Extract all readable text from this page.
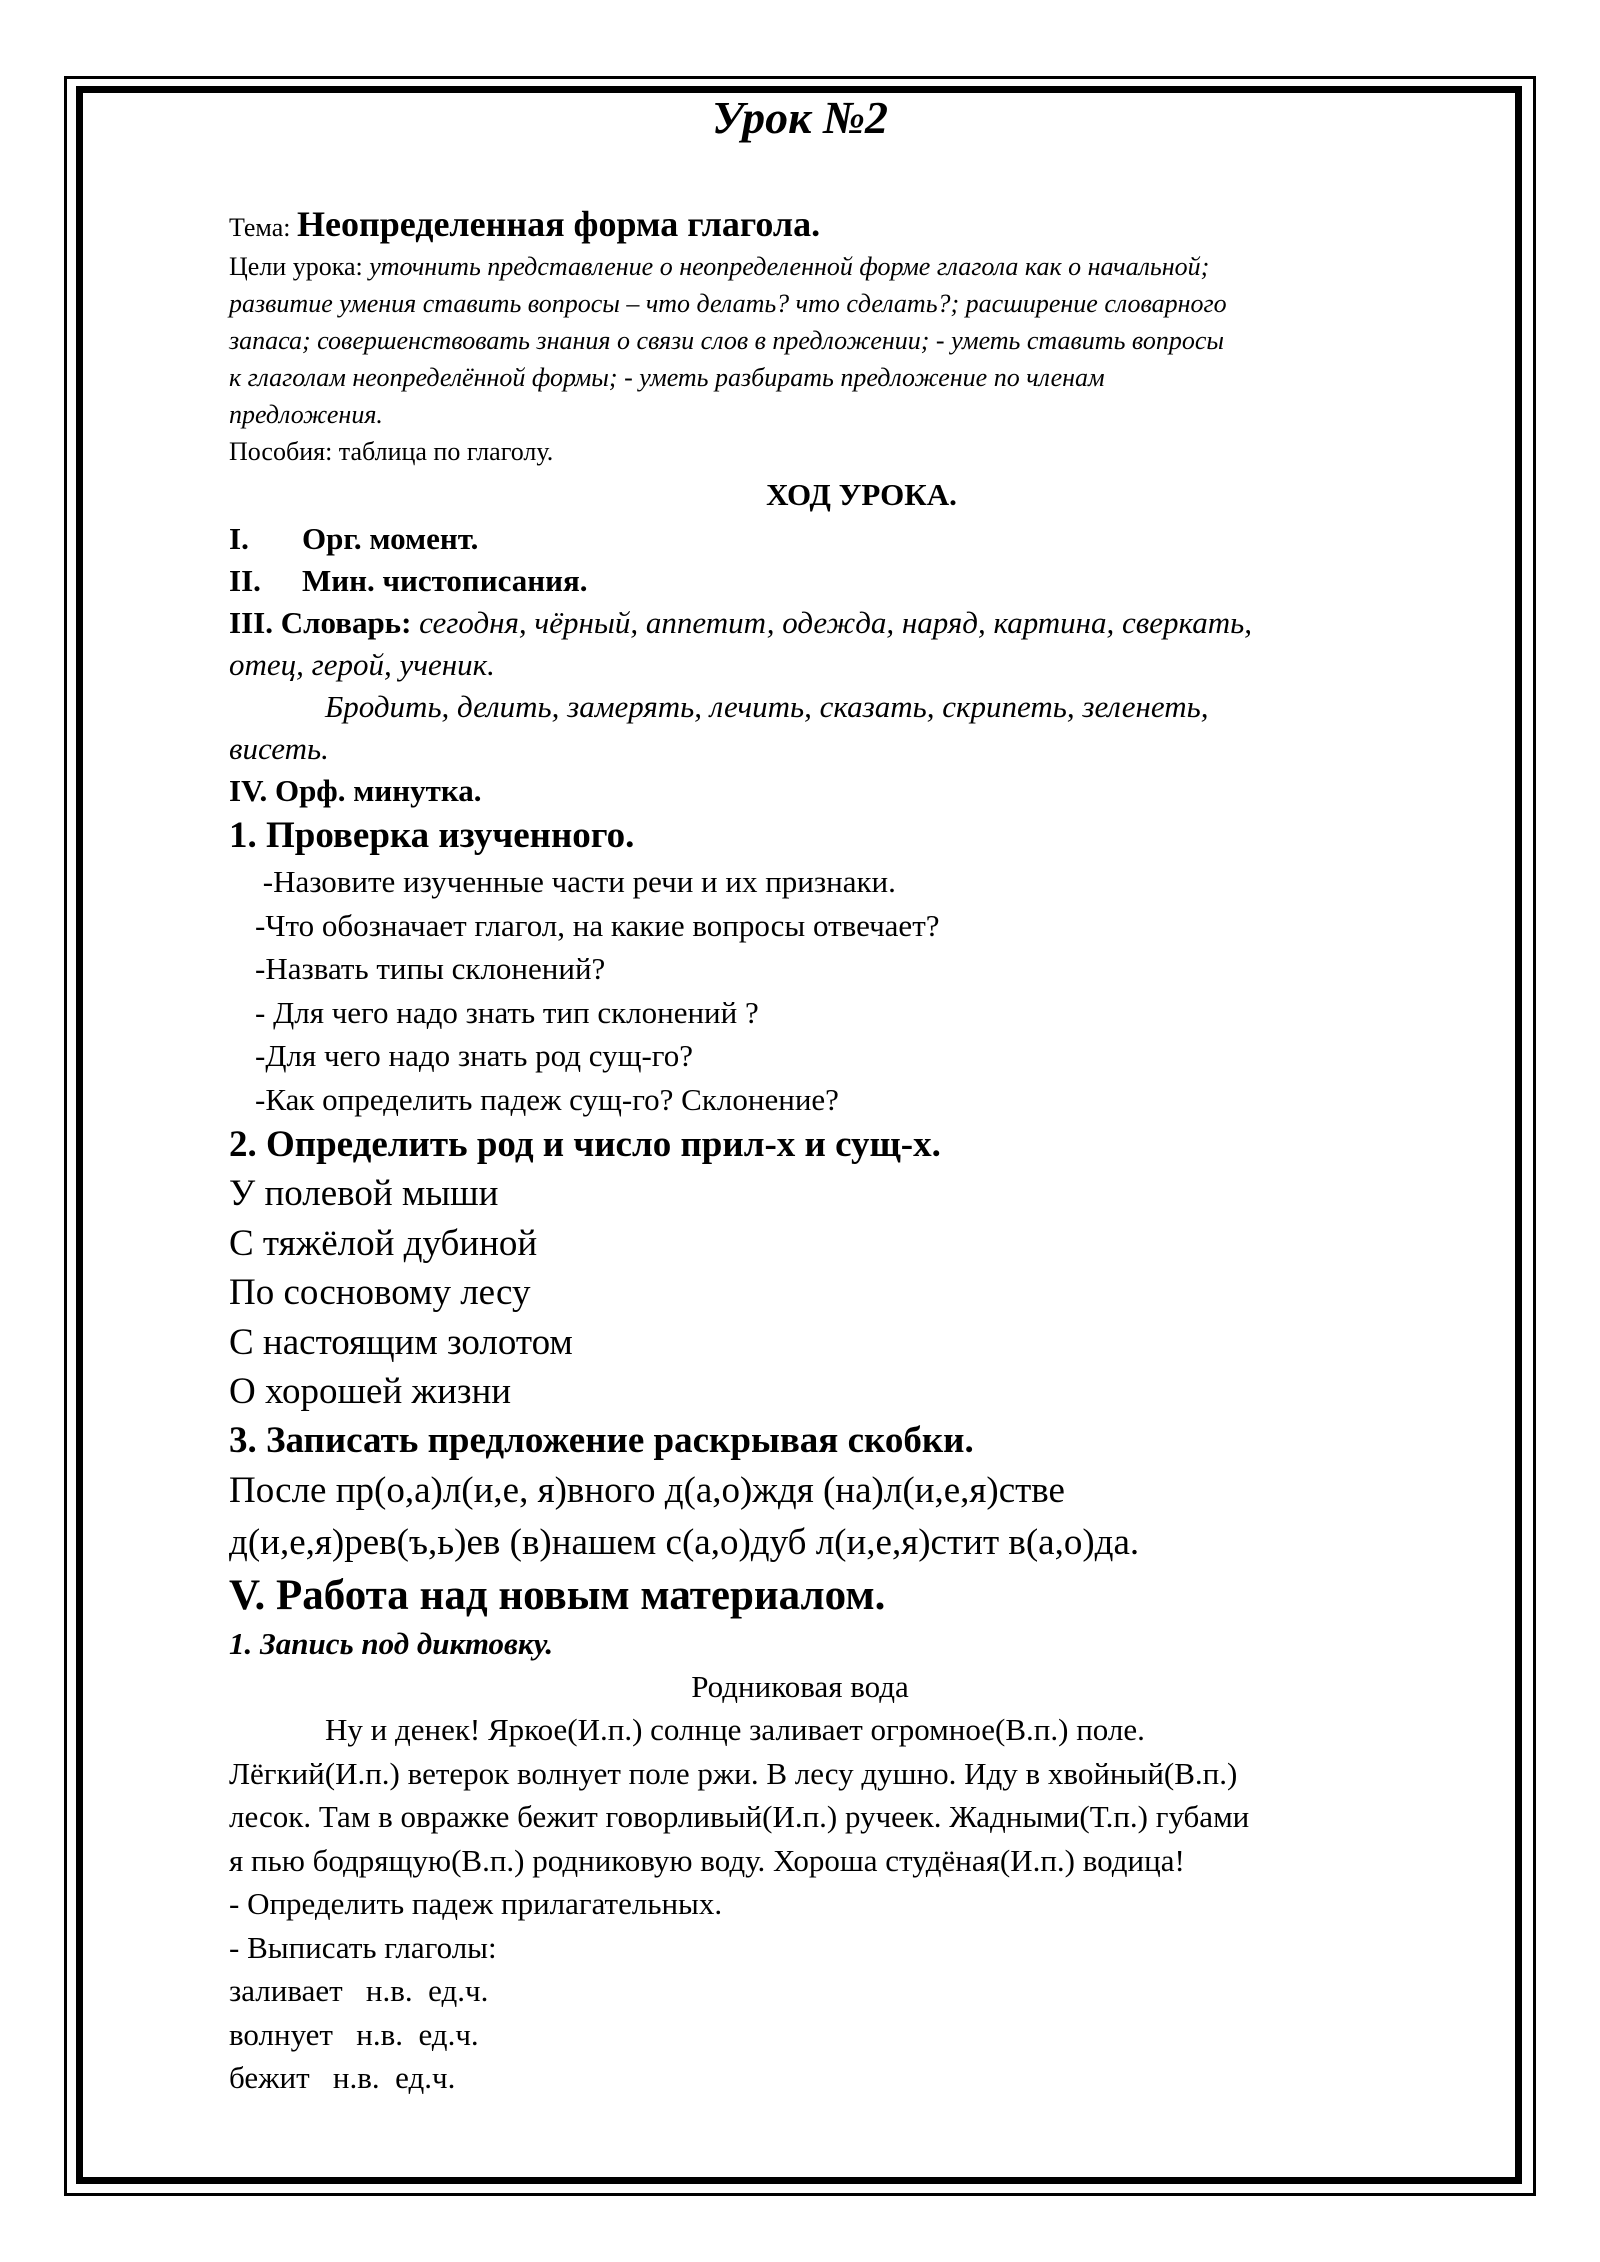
Урок №2
Тема: Неопределенная форма глагола.
Цели урока: уточнить представление о неопределенной форме глагола как о начальной;
развитие умения ставить вопросы – что делать? что сделать?; расширение словарного
запаса; совершенствовать знания о связи слов в предложении; - уметь ставить вопросы
к глаголам неопределённой формы; - уметь разбирать предложение по членам
предложения.
Пособия: таблица по глаголу.
ХОД УРОКА.
I. Орг. момент.
II. Мин. чистописания.
III. Словарь: сегодня, чёрный, аппетит, одежда, наряд, картина, сверкать,
отец, герой, ученик.
Бродить, делить, замерять, лечить, сказать, скрипеть, зеленеть,
висеть.
IV. Орф. минутка.
1. Проверка изученного.
-Назовите изученные части речи и их признаки.
-Что обозначает глагол, на какие вопросы отвечает?
-Назвать типы склонений?
- Для чего надо знать тип склонений ?
-Для чего надо знать род сущ-го?
-Как определить падеж сущ-го? Склонение?
2. Определить род и число прил-х и сущ-х.
У полевой мыши
С тяжёлой дубиной
По сосновому лесу
С настоящим золотом
О хорошей жизни
3. Записать предложение раскрывая скобки.
После пр(о,а)л(и,е, я)вного д(а,о)ждя (на)л(и,е,я)стве
д(и,е,я)рев(ъ,ь)ев (в)нашем с(а,о)дуб л(и,е,я)стит в(а,о)да.
V. Работа над новым материалом.
1. Запись под диктовку.
Родниковая вода
Ну и денек! Яркое(И.п.) солнце заливает огромное(В.п.) поле.
Лёгкий(И.п.) ветерок волнует поле ржи. В лесу душно. Иду в хвойный(В.п.)
лесок. Там в овражке бежит говорливый(И.п.) ручеек. Жадными(Т.п.) губами
я пью бодрящую(В.п.) родниковую воду. Хороша студёная(И.п.) водица!
- Определить падеж прилагательных.
- Выписать глаголы:
заливает   н.в.  ед.ч.
волнует   н.в.  ед.ч.
бежит   н.в.  ед.ч.
